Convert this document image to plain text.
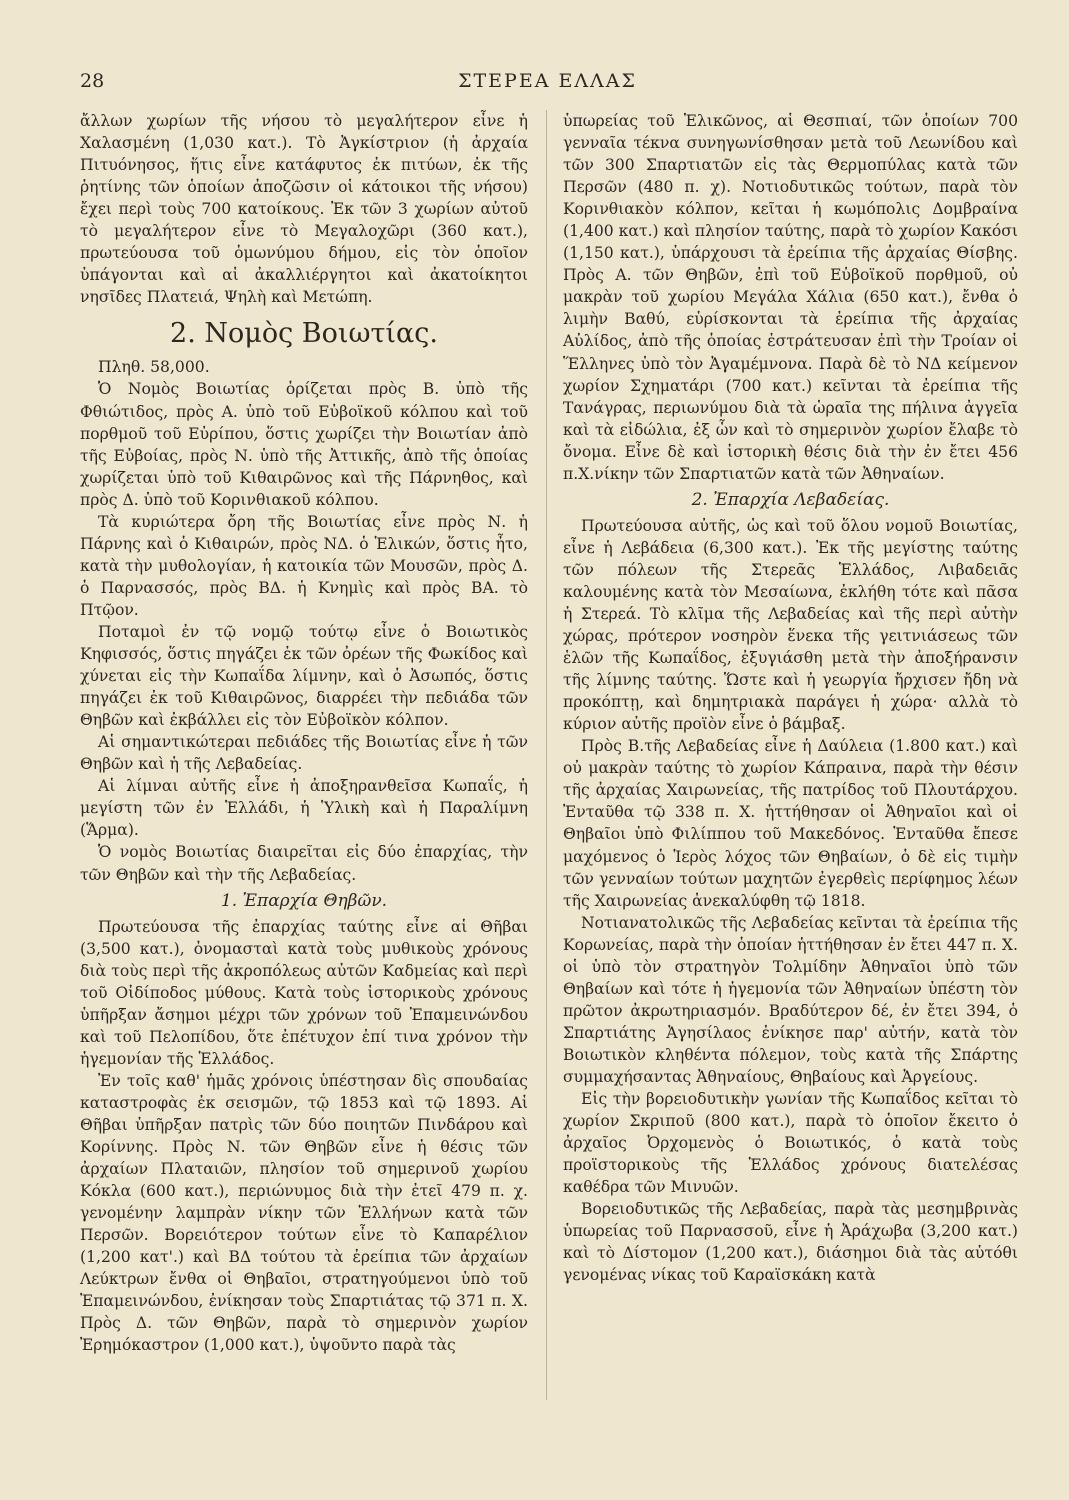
28	ΣΤΕΡΕΑ ΕΛΛΑΣ

ἄλλων χωρίων τῆς νήσου τὸ μεγαλήτερον εἶνε ἡ Χαλασμένη (1,030 κατ.). Τὸ Ἀγκίστριον (ἡ ἀρχαία Πιτυόνησος, ἥτις εἶνε κατάφυτος ἐκ πιτύων, ἐκ τῆς ῥητίνης τῶν ὁποίων ἀποζῶσιν οἱ κάτοικοι τῆς νήσου) ἔχει περὶ τοὺς 700 κατοίκους. Ἐκ τῶν 3 χωρίων αὐτοῦ τὸ μεγαλήτερον εἶνε τὸ Μεγαλοχῶρι (360 κατ.), πρωτεύουσα τοῦ ὁμωνύμου δήμου, εἰς τὸν ὁποῖον ὑπάγονται καὶ αἱ ἀκαλλιέργητοι καὶ ἀκατοίκητοι νησῖδες Πλατειά, Ψηλὴ καὶ Μετώπη.

2. Νομὸς Βοιωτίας.

Πληθ. 58,000.

Ὁ Νομὸς Βοιωτίας ὁρίζεται πρὸς Β. ὑπὸ τῆς Φθιώτιδος, πρὸς Α. ὑπὸ τοῦ Εὐβοϊκοῦ κόλπου καὶ τοῦ πορθμοῦ τοῦ Εὐρίπου, ὅστις χωρίζει τὴν Βοιωτίαν ἀπὸ τῆς Εὐβοίας, πρὸς Ν. ὑπὸ τῆς Ἀττικῆς, ἀπὸ τῆς ὁποίας χωρίζεται ὑπὸ τοῦ Κιθαιρῶνος καὶ τῆς Πάρνηθος, καὶ πρὸς Δ. ὑπὸ τοῦ Κορινθιακοῦ κόλπου.

Τὰ κυριώτερα ὄρη τῆς Βοιωτίας εἶνε πρὸς Ν. ἡ Πάρνης καὶ ὁ Κιθαιρών, πρὸς ΝΔ. ὁ Ἑλικών, ὅστις ἦτο, κατὰ τὴν μυθολογίαν, ἡ κατοικία τῶν Μουσῶν, πρὸς Δ. ὁ Παρνασσός, πρὸς ΒΔ. ἡ Κνημὶς καὶ πρὸς ΒΑ. τὸ Πτῷον.

Ποταμοὶ ἐν τῷ νομῷ τούτῳ εἶνε ὁ Βοιωτικὸς Κηφισσός, ὅστις πηγάζει ἐκ τῶν ὀρέων τῆς Φωκίδος καὶ χύνεται εἰς τὴν Κωπαΐδα λίμνην, καὶ ὁ Ἀσωπός, ὅστις πηγάζει ἐκ τοῦ Κιθαιρῶνος, διαρρέει τὴν πεδιάδα τῶν Θηβῶν καὶ ἐκβάλλει εἰς τὸν Εὐβοϊκὸν κόλπον.

Αἱ σημαντικώτεραι πεδιάδες τῆς Βοιωτίας εἶνε ἡ τῶν Θηβῶν καὶ ἡ τῆς Λεβαδείας.

Αἱ λίμναι αὐτῆς εἶνε ἡ ἀποξηρανθεῖσα Κωπαΐς, ἡ μεγίστη τῶν ἐν Ἑλλάδι, ἡ Ὑλικὴ καὶ ἡ Παραλίμνη (Ἅρμα).

Ὁ νομὸς Βοιωτίας διαιρεῖται εἰς δύο ἐπαρχίας, τὴν τῶν Θηβῶν καὶ τὴν τῆς Λεβαδείας.

1. Ἐπαρχία Θηβῶν.

Πρωτεύουσα τῆς ἐπαρχίας ταύτης εἶνε αἱ Θῆβαι (3,500 κατ.), ὀνομασταὶ κατὰ τοὺς μυθικοὺς χρόνους διὰ τοὺς περὶ τῆς ἀκροπόλεως αὐτῶν Καδμείας καὶ περὶ τοῦ Οἰδίποδος μύθους. Κατὰ τοὺς ἱστορικοὺς χρόνους ὑπῆρξαν ἄσημοι μέχρι τῶν χρόνων τοῦ Ἐπαμεινώνδου καὶ τοῦ Πελοπίδου, ὅτε ἐπέτυχον ἐπί τινα χρόνον τὴν ἡγεμονίαν τῆς Ἑλλάδος.

Ἐν τοῖς καθ' ἡμᾶς χρόνοις ὑπέστησαν δὶς σπουδαίας καταστροφὰς ἐκ σεισμῶν, τῷ 1853 καὶ τῷ 1893. Αἱ Θῆβαι ὑπῆρξαν πατρὶς τῶν δύο ποιητῶν Πινδάρου καὶ Κορίννης. Πρὸς Ν. τῶν Θηβῶν εἶνε ἡ θέσις τῶν ἀρχαίων Πλαταιῶν, πλησίον τοῦ σημερινοῦ χωρίου Κόκλα (600 κατ.), περιώνυμος διὰ τὴν ἐτεῖ 479 π. χ. γενομένην λαμπρὰν νίκην τῶν Ἑλλήνων κατὰ τῶν Περσῶν. Βορειότερον τούτων εἶνε τὸ Καπαρέλιον (1,200 κατ'.) καὶ ΒΔ τούτου τὰ ἐρείπια τῶν ἀρχαίων Λεύκτρων ἔνθα οἱ Θηβαῖοι, στρατηγούμενοι ὑπὸ τοῦ Ἐπαμεινώνδου, ἐνίκησαν τοὺς Σπαρτιάτας τῷ 371 π. Χ. Πρὸς Δ. τῶν Θηβῶν, παρὰ τὸ σημερινὸν χωρίον Ἐρημόκαστρον (1,000 κατ.), ὑψοῦντο παρὰ τὰς

ὑπωρείας τοῦ Ἑλικῶνος, αἱ Θεσπιαί, τῶν ὁποίων 700 γενναῖα τέκνα συνηγωνίσθησαν μετὰ τοῦ Λεωνίδου καὶ τῶν 300 Σπαρτιατῶν εἰς τὰς Θερμοπύλας κατὰ τῶν Περσῶν (480 π. χ). Νοτιοδυτικῶς τούτων, παρὰ τὸν Κορινθιακὸν κόλπον, κεῖται ἡ κωμόπολις Δομβραίνα (1,400 κατ.) καὶ πλησίον ταύτης, παρὰ τὸ χωρίον Κακόσι (1,150 κατ.), ὑπάρχουσι τὰ ἐρείπια τῆς ἀρχαίας Θίσβης. Πρὸς Α. τῶν Θηβῶν, ἐπὶ τοῦ Εὐβοϊκοῦ πορθμοῦ, οὐ μακρὰν τοῦ χωρίου Μεγάλα Χάλια (650 κατ.), ἔνθα ὁ λιμὴν Βαθύ, εὑρίσκονται τὰ ἐρείπια τῆς ἀρχαίας Αὐλίδος, ἀπὸ τῆς ὁποίας ἐστράτευσαν ἐπὶ τὴν Τροίαν οἱ Ἕλληνες ὑπὸ τὸν Ἀγαμέμνονα. Παρὰ δὲ τὸ ΝΔ κείμενον χωρίον Σχηματάρι (700 κατ.) κεῖνται τὰ ἐρείπια τῆς Τανάγρας, περιωνύμου διὰ τὰ ὡραῖα της πήλινα ἀγγεῖα καὶ τὰ εἰδώλια, ἐξ ὧν καὶ τὸ σημερινὸν χωρίον ἔλαβε τὸ ὄνομα. Εἶνε δὲ καὶ ἱστορικὴ θέσις διὰ τὴν ἐν ἔτει 456 π.Χ.νίκην τῶν Σπαρτιατῶν κατὰ τῶν Ἀθηναίων.

2. Ἐπαρχία Λεβαδείας.

Πρωτεύουσα αὐτῆς, ὡς καὶ τοῦ ὅλου νομοῦ Βοιωτίας, εἶνε ἡ Λεβάδεια (6,300 κατ.). Ἐκ τῆς μεγίστης ταύτης τῶν πόλεων τῆς Στερεᾶς Ἑλλάδος, Λιβαδειᾶς καλουμένης κατὰ τὸν Μεσαίωνα, ἐκλήθη τότε καὶ πᾶσα ἡ Στερεά. Τὸ κλῖμα τῆς Λεβαδείας καὶ τῆς περὶ αὐτὴν χώρας, πρότερον νοσηρὸν ἕνεκα τῆς γειτνιάσεως τῶν ἑλῶν τῆς Κωπαΐδος, ἐξυγιάσθη μετὰ τὴν ἀποξήρανσιν τῆς λίμνης ταύτης. Ὥστε καὶ ἡ γεωργία ἤρχισεν ἤδη νὰ προκόπτῃ, καὶ δημητριακὰ παράγει ἡ χώρα· αλλὰ τὸ κύριον αὐτῆς προϊὸν εἶνε ὁ βάμβαξ.

Πρὸς Β.τῆς Λεβαδείας εἶνε ἡ Δαύλεια (1.800 κατ.) καὶ οὐ μακρὰν ταύτης τὸ χωρίον Κάπραινα, παρὰ τὴν θέσιν τῆς ἀρχαίας Χαιρωνείας, τῆς πατρίδος τοῦ Πλουτάρχου. Ἐνταῦθα τῷ 338 π. Χ. ἡττήθησαν οἱ Ἀθηναῖοι καὶ οἱ Θηβαῖοι ὑπὸ Φιλίππου τοῦ Μακεδόνος. Ἐνταῦθα ἔπεσε μαχόμενος ὁ Ἱερὸς λόχος τῶν Θηβαίων, ὁ δὲ εἰς τιμὴν τῶν γενναίων τούτων μαχητῶν ἐγερθεὶς περίφημος λέων τῆς Χαιρωνείας ἀνεκαλύφθη τῷ 1818.

Νοτιανατολικῶς τῆς Λεβαδείας κεῖνται τὰ ἐρείπια τῆς Κορωνείας, παρὰ τὴν ὁποίαν ἡττήθησαν ἐν ἔτει 447 π. Χ. οἱ ὑπὸ τὸν στρατηγὸν Τολμίδην Ἀθηναῖοι ὑπὸ τῶν Θηβαίων καὶ τότε ἡ ἡγεμονία τῶν Ἀθηναίων ὑπέστη τὸν πρῶτον ἀκρωτηριασμόν. Βραδύτερον δέ, ἐν ἔτει 394, ὁ Σπαρτιάτης Ἀγησίλαος ἐνίκησε παρ' αὐτήν, κατὰ τὸν Βοιωτικὸν κληθέντα πόλεμον, τοὺς κατὰ τῆς Σπάρτης συμμαχήσαντας Ἀθηναίους, Θηβαίους καὶ Ἀργείους.

Εἰς τὴν βορειοδυτικὴν γωνίαν τῆς Κωπαΐδος κεῖται τὸ χωρίον Σκριποῦ (800 κατ.), παρὰ τὸ ὁποῖον ἔκειτο ὁ ἀρχαῖος Ὀρχομενὸς ὁ Βοιωτικός, ὁ κατὰ τοὺς προϊστορικοὺς τῆς Ἑλλάδος χρόνους διατελέσας καθέδρα τῶν Μινυῶν.

Βορειοδυτικῶς τῆς Λεβαδείας, παρὰ τὰς μεσημβρινὰς ὑπωρείας τοῦ Παρνασσοῦ, εἶνε ἡ Ἀράχωβα (3,200 κατ.) καὶ τὸ Δίστομον (1,200 κατ.), διάσημοι διὰ τὰς αὐτόθι γενομένας νίκας τοῦ Καραϊσκάκη κατὰ
